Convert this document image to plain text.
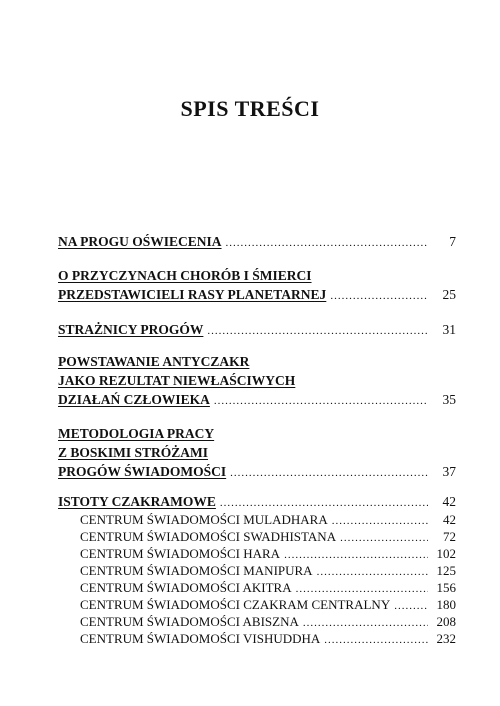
SPIS TREŚCI
NA PROGU OŚWIECENIA .....	7
O PRZYCZYNACH CHORÓB I ŚMIERCI
PRZEDSTAWICIELI RASY PLANETARNEJ .....	25
STRAŻNICY PROGÓW .....	31
POWSTAWANIE ANTYCZAKR
JAKO REZULTAT NIEWŁAŚCIWYCH
DZIAŁAŃ CZŁOWIEKA .....	35
METODOLOGIA PRACY
Z BOSKIMI STRÓŻAMI
PROGÓW ŚWIADOMOŚCI .....	37
ISTOTY CZAKRAMOWE .....	42
CENTRUM ŚWIADOMOŚCI MULADHARA .....	42
CENTRUM ŚWIADOMOŚCI SWADHISTANA .....	72
CENTRUM ŚWIADOMOŚCI HARA .....	102
CENTRUM ŚWIADOMOŚCI MANIPURA .....	125
CENTRUM ŚWIADOMOŚCI AKITRA .....	156
CENTRUM ŚWIADOMOŚCI CZAKRAM CENTRALNY .....	180
CENTRUM ŚWIADOMOŚCI ABISZNA .....	208
CENTRUM ŚWIADOMOŚCI VISHUDDHA .....	232
